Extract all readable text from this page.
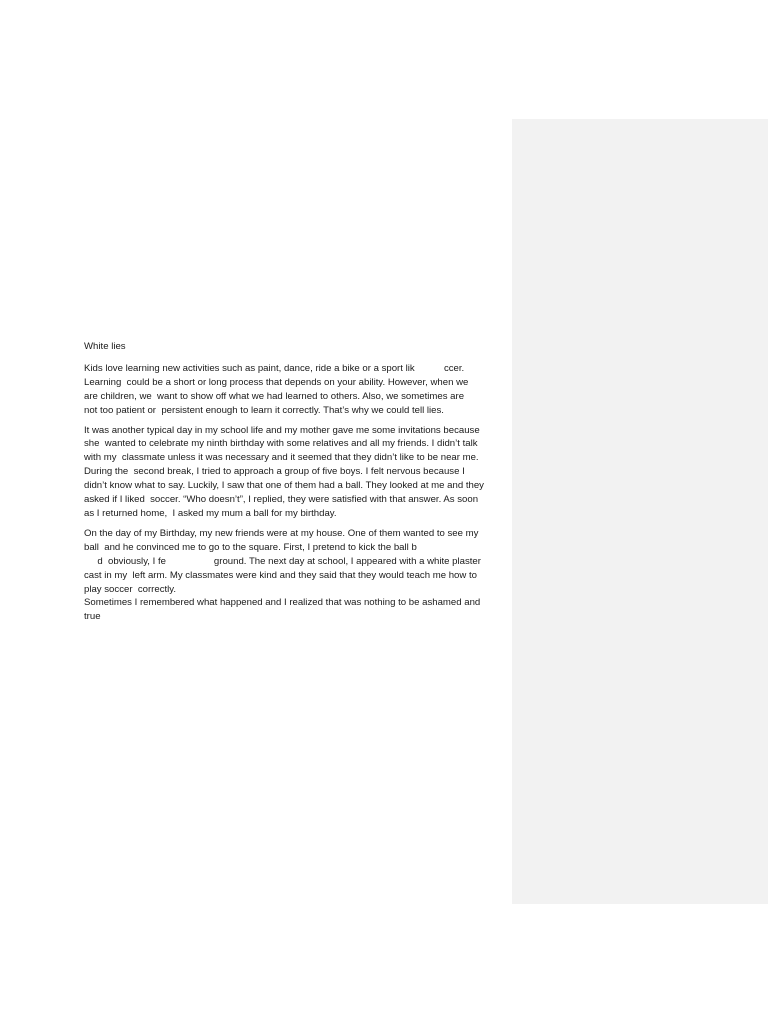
White lies

Kids love learning new activities such as paint, dance, ride a bike or a sport lik           ccer.
Learning  could be a short or long process that depends on your ability. However, when we
are children, we  want to show off what we had learned to others. Also, we sometimes are
not too patient or  persistent enough to learn it correctly. That’s why we could tell lies.

It was another typical day in my school life and my mother gave me some invitations because
she  wanted to celebrate my ninth birthday with some relatives and all my friends. I didn’t talk
with my  classmate unless it was necessary and it seemed that they didn’t like to be near me.
During the  second break, I tried to approach a group of five boys. I felt nervous because I
didn’t know what to say. Luckily, I saw that one of them had a ball. They looked at me and they
asked if I liked  soccer. “Who doesn’t”, I replied, they were satisfied with that answer. As soon
as I returned home,  I asked my mum a ball for my birthday.

On the day of my Birthday, my new friends were at my house. One of them wanted to see my
ball  and he convinced me to go to the square. First, I pretend to kick the ball b
d  obviously, I fe                  ground. The next day at school, I appeared with a white plaster
cast in my  left arm. My classmates were kind and they said that they would teach me how to
play soccer  correctly.
Sometimes I remembered what happened and I realized that was nothing to be ashamed and
true
